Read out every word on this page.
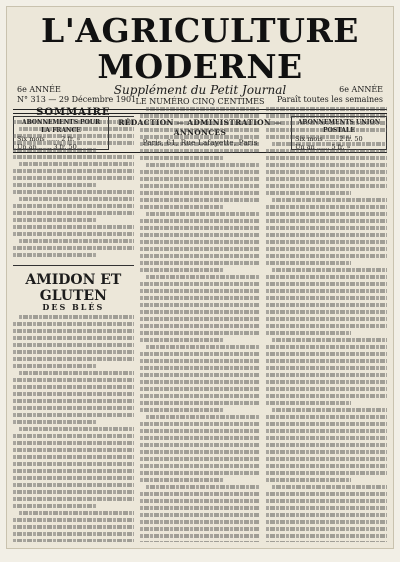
L'AGRICULTURE MODERNE
6e ANNÉE
N° 313 — 29 Décembre 1901
Supplément du Petit Journal
LE NUMÉRO CINQ CENTIMES
6e ANNÉE
Paraît toutes les semaines
ABONNEMENTS POUR LA FRANCE
Six mois ...... 2 fr. »
Un an ...... 3 fr. 50
RÉDACTION — ADMINISTRATION — ANNONCES
Paris, 61, Rue Lafayette, Paris
ABONNEMENTS UNION POSTALE
Six mois ...... 2 fr. 50
Un an ...... 5 fr. »
SOMMAIRE
AMIDON ET GLUTEN
DES BLÉS
